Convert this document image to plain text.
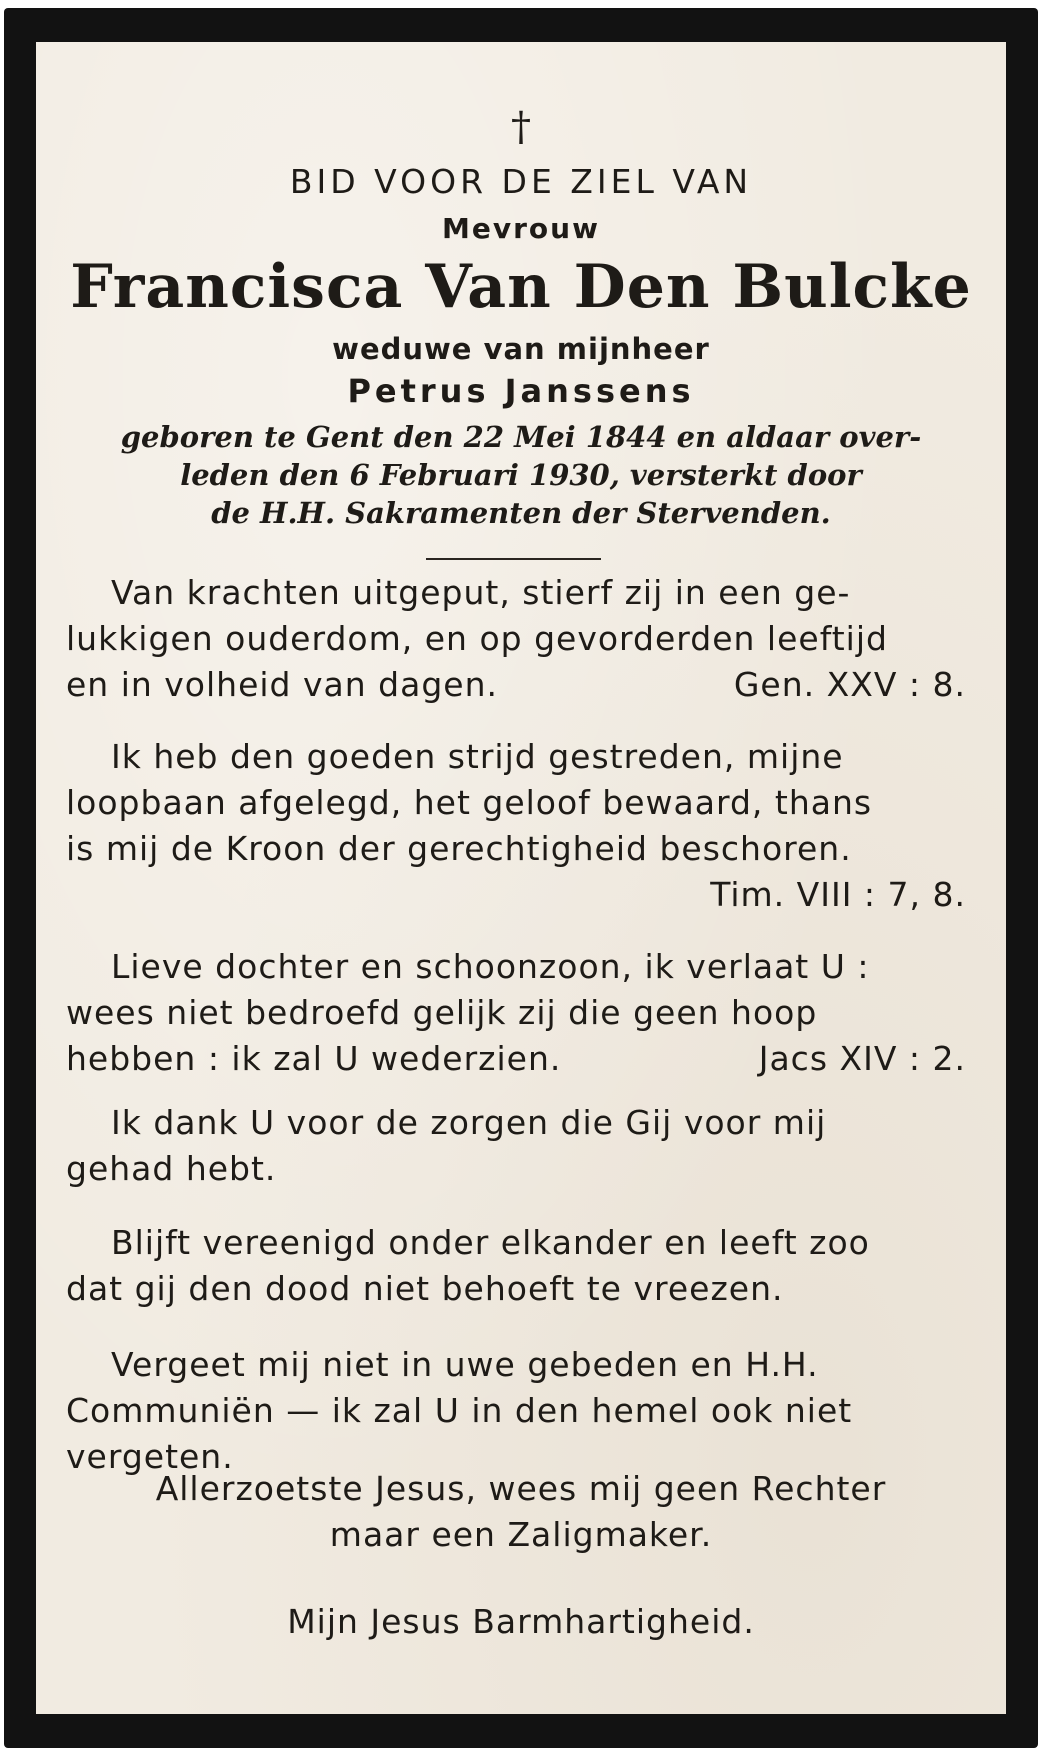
†
BID VOOR DE ZIEL VAN
Mevrouw
Francisca Van Den Bulcke
weduwe van mijnheer
Petrus Janssens
geboren te Gent den 22 Mei 1844 en aldaar over-
leden den 6 Februari 1930, versterkt door
de H.H. Sakramenten der Stervenden.
Van krachten uitgeput, stierf zij in een ge-
lukkigen ouderdom, en op gevorderden leeftijd
en in volheid van dagen.	Gen. XXV : 8.
Ik heb den goeden strijd gestreden, mijne
loopbaan afgelegd, het geloof bewaard, thans
is mij de Kroon der gerechtigheid beschoren.
Tim. VIII : 7, 8.
Lieve dochter en schoonzoon, ik verlaat U :
wees niet bedroefd gelijk zij die geen hoop
hebben : ik zal U wederzien.	Jacs XIV : 2.
Ik dank U voor de zorgen die Gij voor mij
gehad hebt.
Blijft vereenigd onder elkander en leeft zoo
dat gij den dood niet behoeft te vreezen.
Vergeet mij niet in uwe gebeden en H.H.
Communiën — ik zal U in den hemel ook niet
vergeten.
Allerzoetste Jesus, wees mij geen Rechter
maar een Zaligmaker.
Mijn Jesus Barmhartigheid.
